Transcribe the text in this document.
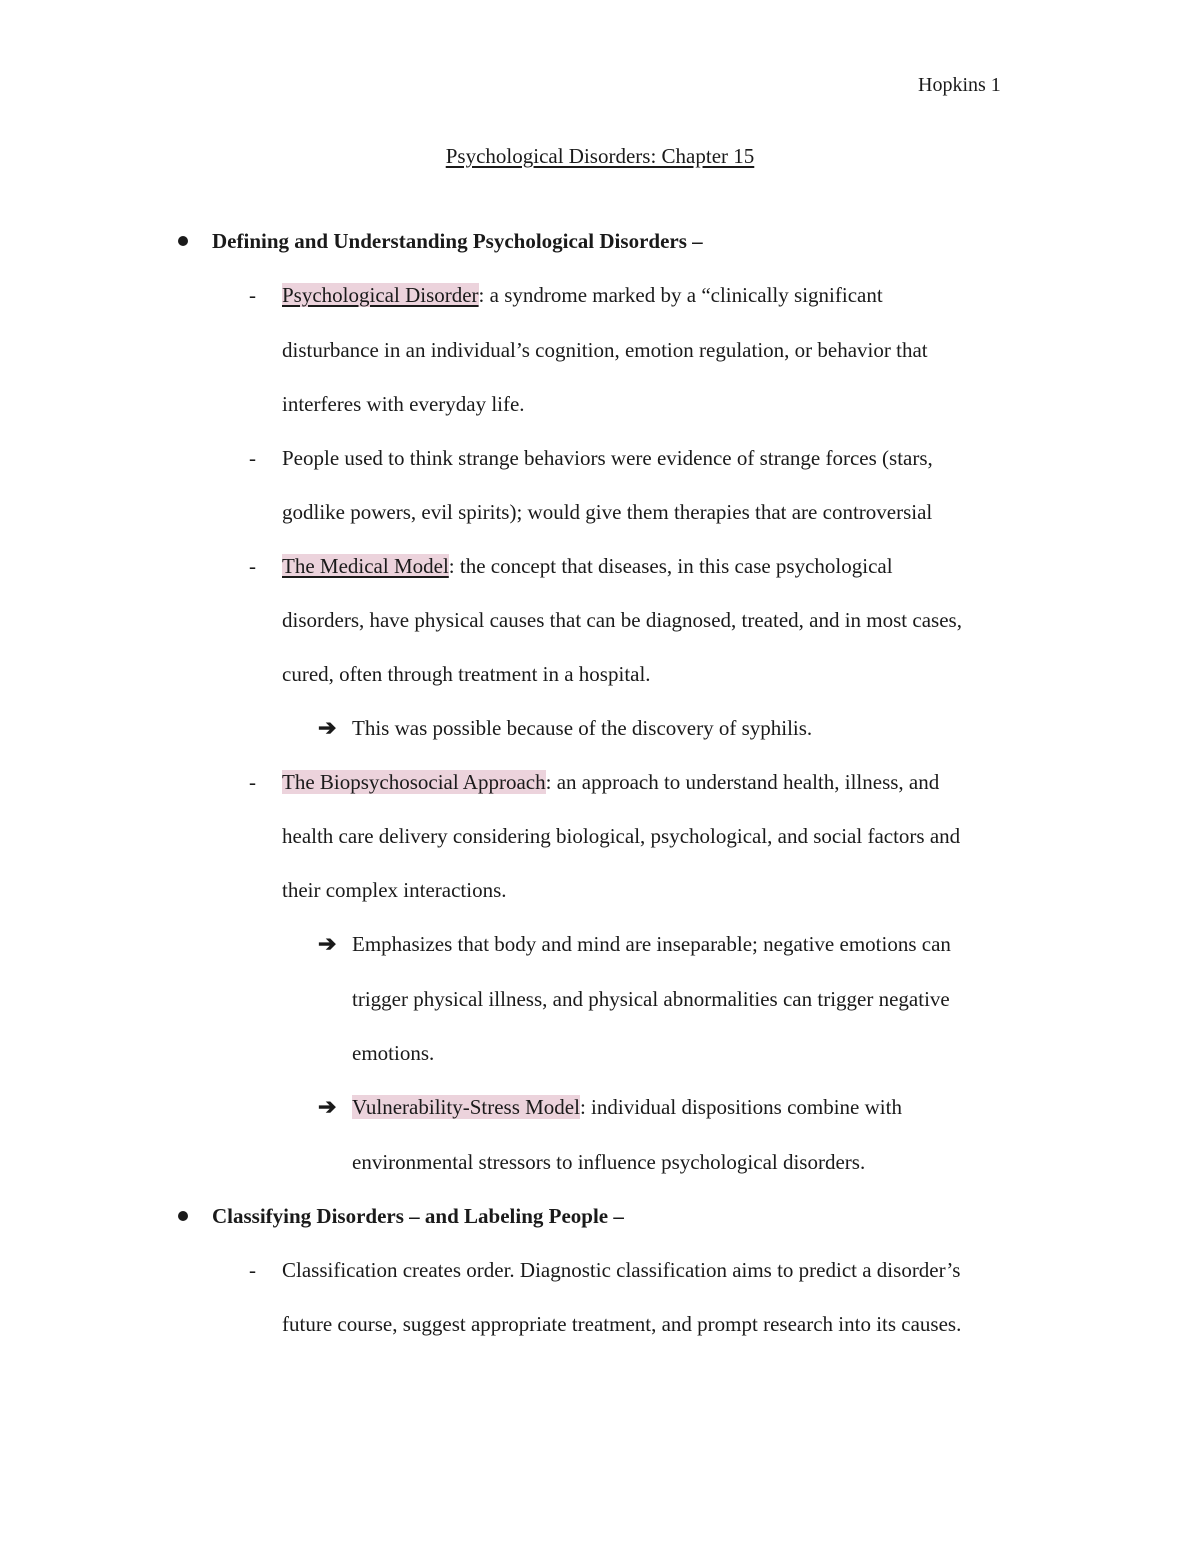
Hopkins 1
Psychological Disorders: Chapter 15
Defining and Understanding Psychological Disorders –
- Psychological Disorder: a syndrome marked by a “clinically significant
disturbance in an individual’s cognition, emotion regulation, or behavior that
interferes with everyday life.
- People used to think strange behaviors were evidence of strange forces (stars,
godlike powers, evil spirits); would give them therapies that are controversial
- The Medical Model: the concept that diseases, in this case psychological
disorders, have physical causes that can be diagnosed, treated, and in most cases,
cured, often through treatment in a hospital.
➔ This was possible because of the discovery of syphilis.
- The Biopsychosocial Approach: an approach to understand health, illness, and
health care delivery considering biological, psychological, and social factors and
their complex interactions.
➔ Emphasizes that body and mind are inseparable; negative emotions can
trigger physical illness, and physical abnormalities can trigger negative
emotions.
➔ Vulnerability-Stress Model: individual dispositions combine with
environmental stressors to influence psychological disorders.
Classifying Disorders – and Labeling People –
- Classification creates order. Diagnostic classification aims to predict a disorder’s
future course, suggest appropriate treatment, and prompt research into its causes.
